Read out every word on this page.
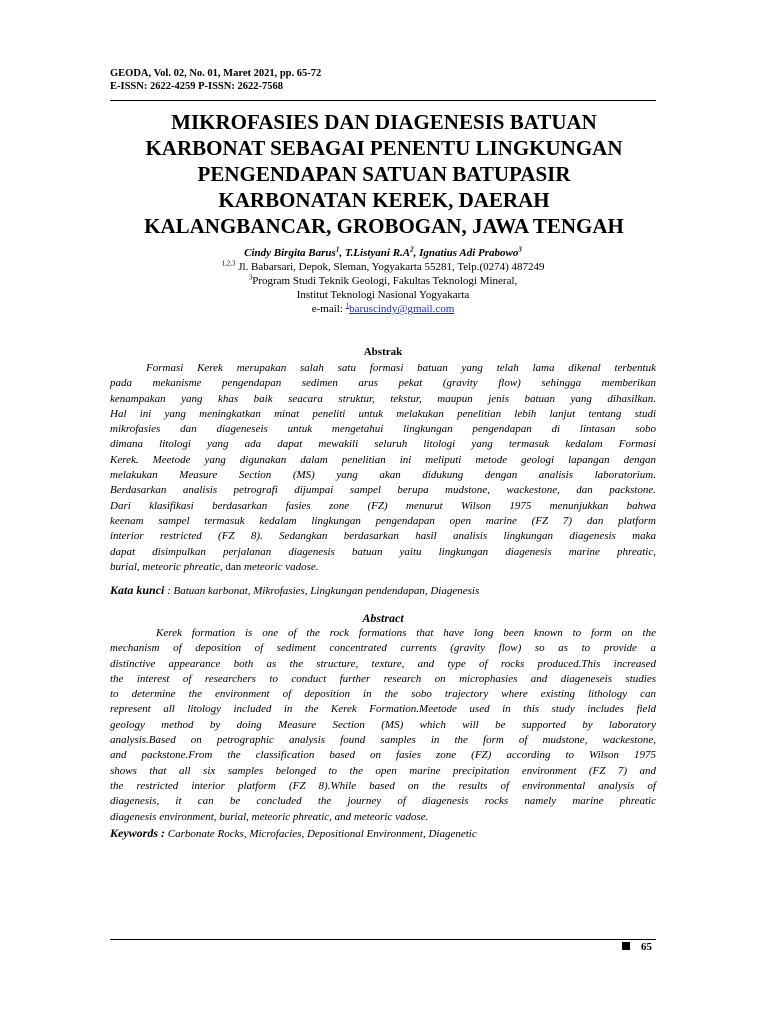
GEODA, Vol. 02, No. 01, Maret 2021, pp. 65-72
E-ISSN: 2622-4259 P-ISSN: 2622-7568
MIKROFASIES DAN DIAGENESIS BATUAN
KARBONAT SEBAGAI PENENTU LINGKUNGAN
PENGENDAPAN SATUAN BATUPASIR
KARBONATAN KEREK, DAERAH
KALANGBANCAR, GROBOGAN, JAWA TENGAH
Cindy Birgita Barus$^1$, T.Listyani $R.A^2$, Ignatius Adi Prabowo$^3$
$^{1,2,3}$ Jl. Babarsari, Depok, Sleman, Yogyakarta 55281, Telp.(0274) 487249
$^3$Program Studi Teknik Geologi, Fakultas Teknologi Mineral,
Institut Teknologi Nasional Yogyakarta
e-mail: $^1$baruscindy@gmail.com
Abstrak
Formasi Kerek merupakan salah satu formasi batuan yang telah lama dikenal terbentuk
pada mekanisme pengendapan sedimen arus pekat (gravity flow) sehingga memberikan
kenampakan yang khas baik seacara struktur, tekstur, maupun jenis batuan yang dihasilkan.
Hal ini yang meningkatkan minat peneliti untuk melakukan penelitian lebih lanjut tentang studi
mikrofasies dan diageneseis untuk mengetahui lingkungan pengendapan di lintasan sobo
dimana litologi yang ada dapat mewakili seluruh litologi yang termasuk kedalam Formasi
Kerek. Meetode yang digunakan dalam penelitian ini meliputi metode geologi lapangan dengan
melakukan Measure Section (MS) yang akan didukung dengan analisis laboratorium.
Berdasarkan analisis petrografi dijumpai sampel berupa mudstone, wackestone, dan packstone.
Dari klasifikasi berdasarkan fasies zone (FZ) menurut Wilson 1975 menunjukkan bahwa
keenam sampel termasuk kedalam lingkungan pengendapan open marine (FZ 7) dan platform
interior restricted (FZ 8). Sedangkan berdasarkan hasil analisis lingkungan diagenesis maka
dapat disimpulkan perjalanan diagenesis batuan yaitu lingkungan diagenesis marine phreatic,
burial, meteoric phreatic, dan meteoric vadose.
Kata kunci : Batuan karbonat, Mikrofasies, Lingkungan pendendapan, Diagenesis
Abstract
Kerek formation is one of the rock formations that have long been known to form on the
mechanism of deposition of sediment concentrated currents (gravity flow) so as to provide a
distinctive appearance both as the structure, texture, and type of rocks produced.This increased
the interest of researchers to conduct further research on microphasies and diageneseis studies
to determine the environment of deposition in the sobo trajectory where existing lithology can
represent all litology included in the Kerek Formation.Meetode used in this study includes field
geology method by doing Measure Section (MS) which will be supported by laboratory
analysis.Based on petrographic analysis found samples in the form of mudstone, wackestone,
and packstone.From the classification based on fasies zone (FZ) according to Wilson 1975
shows that all six samples belonged to the open marine precipitation environment (FZ 7) and
the restricted interior platform (FZ 8).While based on the results of environmental analysis of
diagenesis, it can be concluded the journey of diagenesis rocks namely marine phreatic
diagenesis environment, burial, meteoric phreatic, and meteoric vadose.
Keywords : Carbonate Rocks, Microfacies, Depositional Environment, Diagenetic
65
